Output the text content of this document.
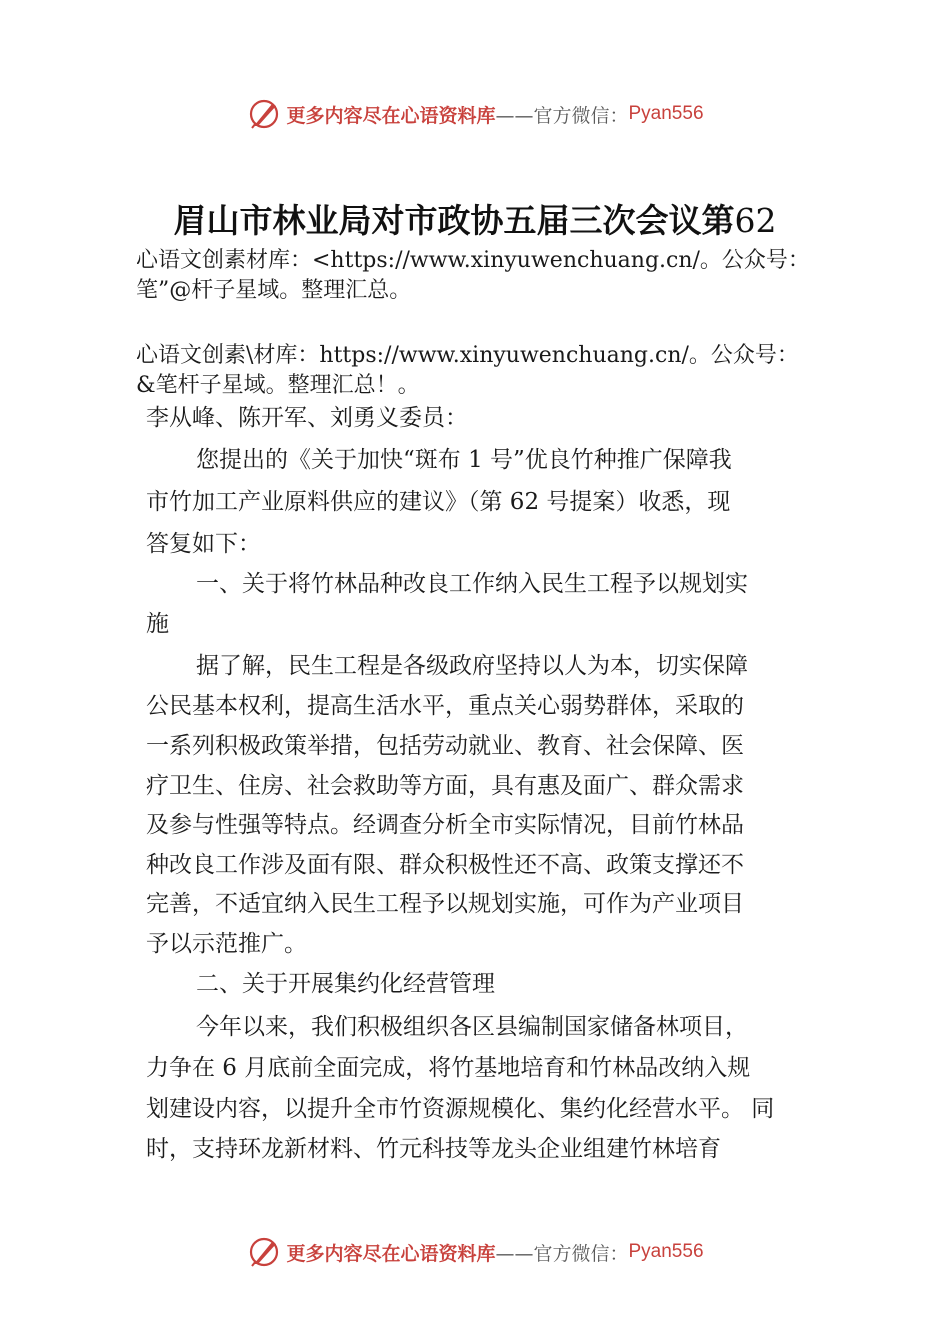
更多内容尽在心语资料库 ——官方微信： Pyan556
眉山市林业局对市政协五届三次会议第62
心语文创素材库：<https://www.xinyuwenchuang.cn/。公众号：
笔”@杆子星域。整理汇总。
心语文创素\材库：https://www.xinyuwenchuang.cn/。公众号：
&笔杆子星域。整理汇总！。
李从峰、陈开军、刘勇义委员：
您提出的《关于加快“斑布 1 号”优良竹种推广保障我
市竹加工产业原料供应的建议》（第 62 号提案）收悉，现
答复如下：
一、关于将竹林品种改良工作纳入民生工程予以规划实
施
据了解，民生工程是各级政府坚持以人为本，切实保障
公民基本权利，提高生活水平，重点关心弱势群体，采取的
一系列积极政策举措，包括劳动就业、教育、社会保障、医
疗卫生、住房、社会救助等方面，具有惠及面广、群众需求
及参与性强等特点。经调查分析全市实际情况，目前竹林品
种改良工作涉及面有限、群众积极性还不高、政策支撑还不
完善，不适宜纳入民生工程予以规划实施，可作为产业项目
予以示范推广。
二、关于开展集约化经营管理
今年以来，我们积极组织各区县编制国家储备林项目，
力争在 6 月底前全面完成，将竹基地培育和竹林品改纳入规
划建设内容，以提升全市竹资源规模化、集约化经营水平。 同
时，支持环龙新材料、竹元科技等龙头企业组建竹林培育
更多内容尽在心语资料库 ——官方微信： Pyan556
